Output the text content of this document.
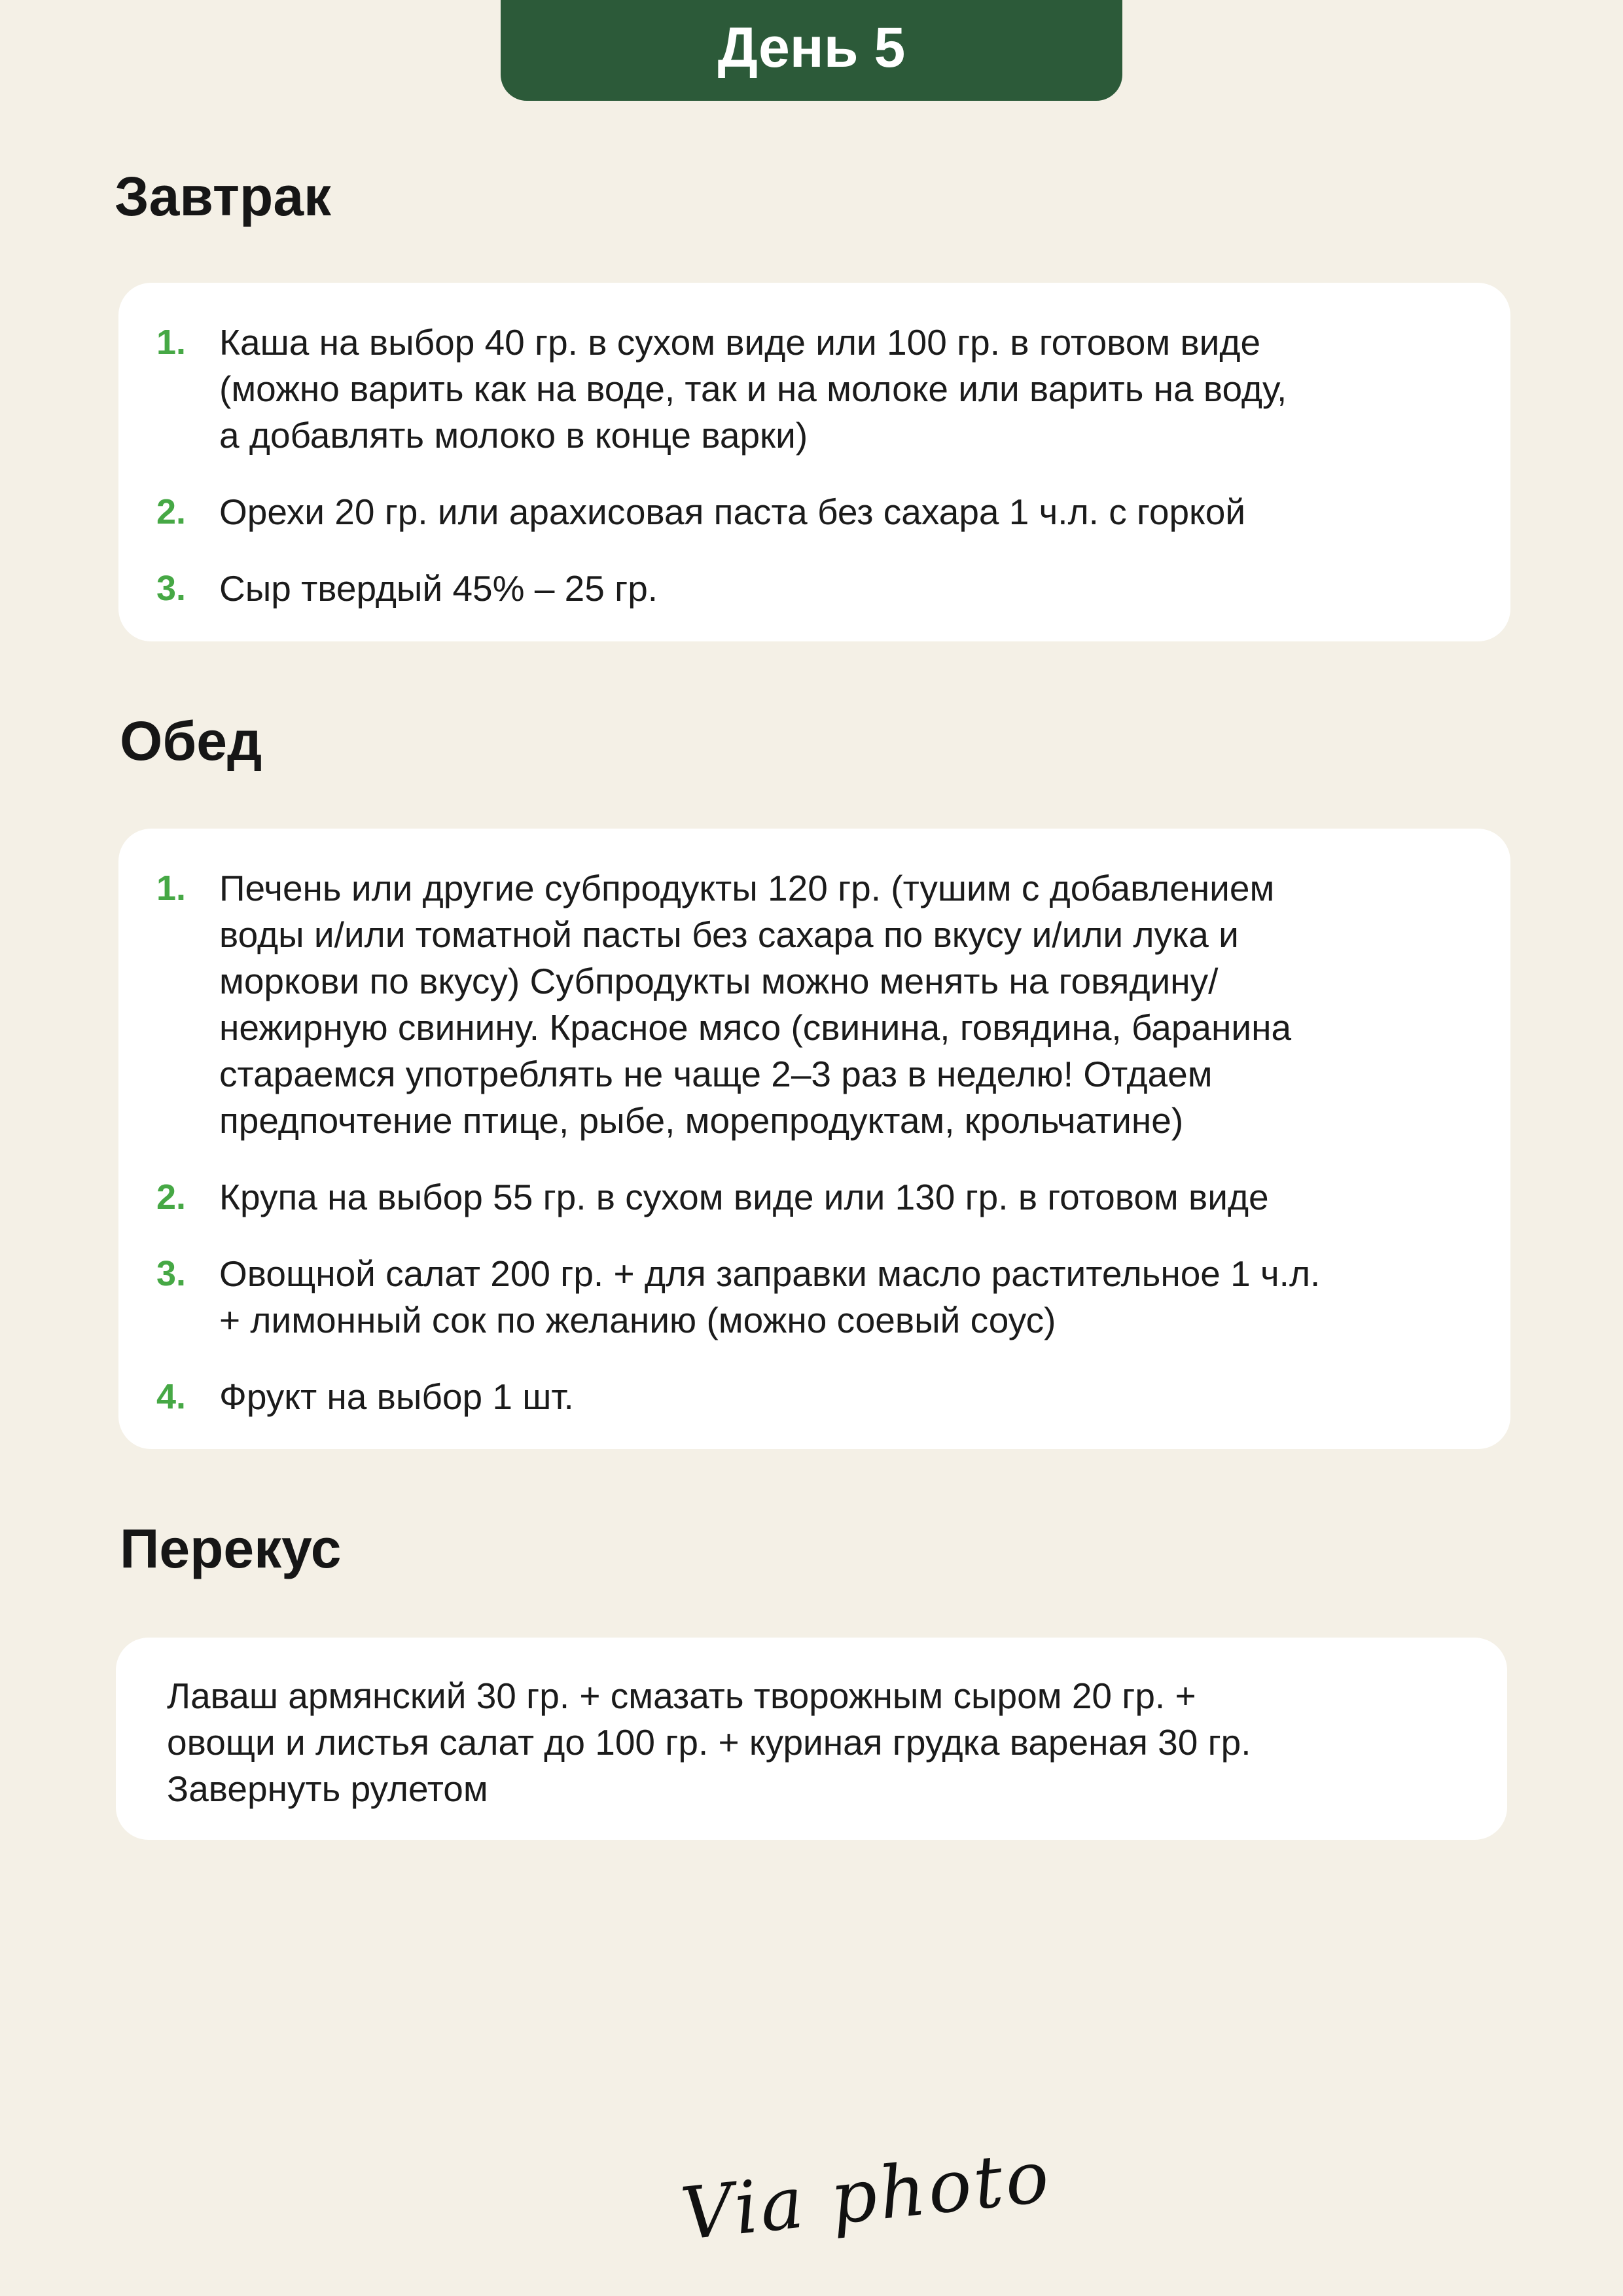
День 5
Завтрак
1. Каша на выбор 40 гр. в сухом виде или 100 гр. в готовом виде
(можно варить как на воде, так и на молоке или варить на воду,
а добавлять молоко в конце варки)
2. Орехи 20 гр. или арахисовая паста без сахара 1 ч.л. с горкой
3. Сыр твердый 45% – 25 гр.
Обед
1. Печень или другие субпродукты 120 гр. (тушим с добавлением
воды и/или томатной пасты без сахара по вкусу и/или лука и
моркови по вкусу) Субпродукты можно менять на говядину/
нежирную свинину. Красное мясо (свинина, говядина, баранина
стараемся употреблять не чаще 2–3 раз в неделю! Отдаем
предпочтение птице, рыбе, морепродуктам, крольчатине)
2. Крупа на выбор 55 гр. в сухом виде или 130 гр. в готовом виде
3. Овощной салат 200 гр. + для заправки масло растительное 1 ч.л.
+ лимонный сок по желанию (можно соевый соус)
4. Фрукт на выбор 1 шт.
Перекус
Лаваш армянский 30 гр. + смазать творожным сыром 20 гр. +
овощи и листья салат до 100 гр. + куриная грудка вареная 30 гр.
Завернуть рулетом
Via photo
